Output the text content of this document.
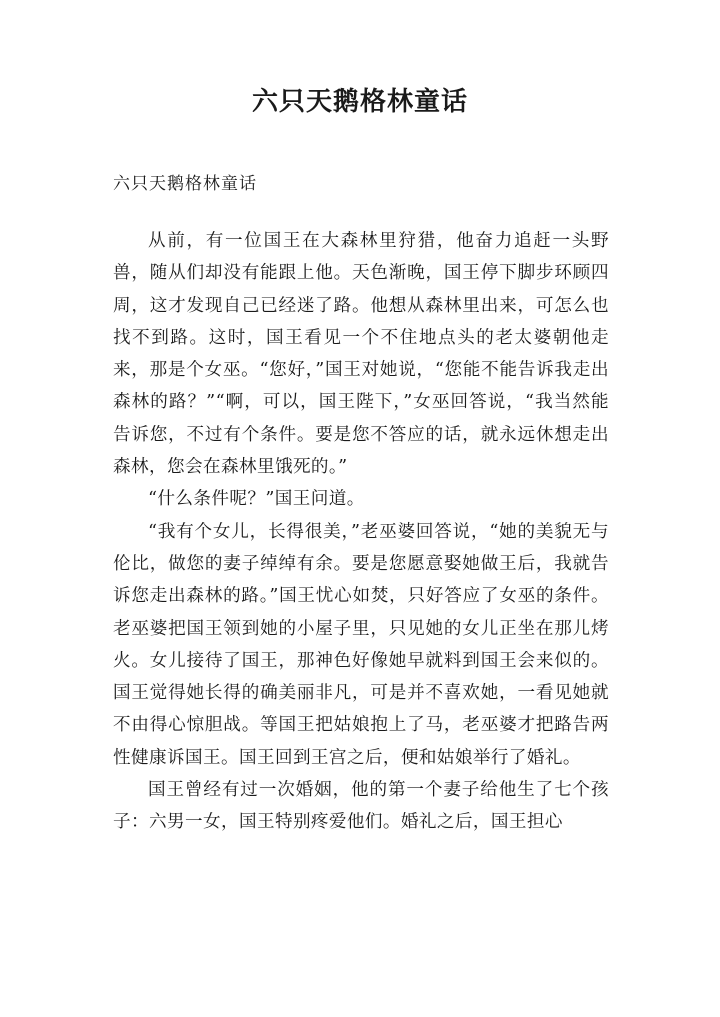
六只天鹅格林童话

六只天鹅格林童话

从前，有一位国王在大森林里狩猎，他奋力追赶一头野兽，随从们却没有能跟上他。天色渐晚，国王停下脚步环顾四周，这才发现自己已经迷了路。他想从森林里出来，可怎么也找不到路。这时，国王看见一个不住地点头的老太婆朝他走来，那是个女巫。“您好，”国王对她说，“您能不能告诉我走出森林的路？”“啊，可以，国王陛下，”女巫回答说，“我当然能告诉您，不过有个条件。要是您不答应的话，就永远休想走出森林，您会在森林里饿死的。”

“什么条件呢？”国王问道。

“我有个女儿，长得很美，”老巫婆回答说，“她的美貌无与伦比，做您的妻子绰绰有余。要是您愿意娶她做王后，我就告诉您走出森林的路。”国王忧心如焚，只好答应了女巫的条件。老巫婆把国王领到她的小屋子里，只见她的女儿正坐在那儿烤火。女儿接待了国王，那神色好像她早就料到国王会来似的。国王觉得她长得的确美丽非凡，可是并不喜欢她，一看见她就不由得心惊胆战。等国王把姑娘抱上了马，老巫婆才把路告两性健康诉国王。国王回到王宫之后，便和姑娘举行了婚礼。

国王曾经有过一次婚姻，他的第一个妻子给他生了七个孩子：六男一女，国王特别疼爱他们。婚礼之后，国王担心
